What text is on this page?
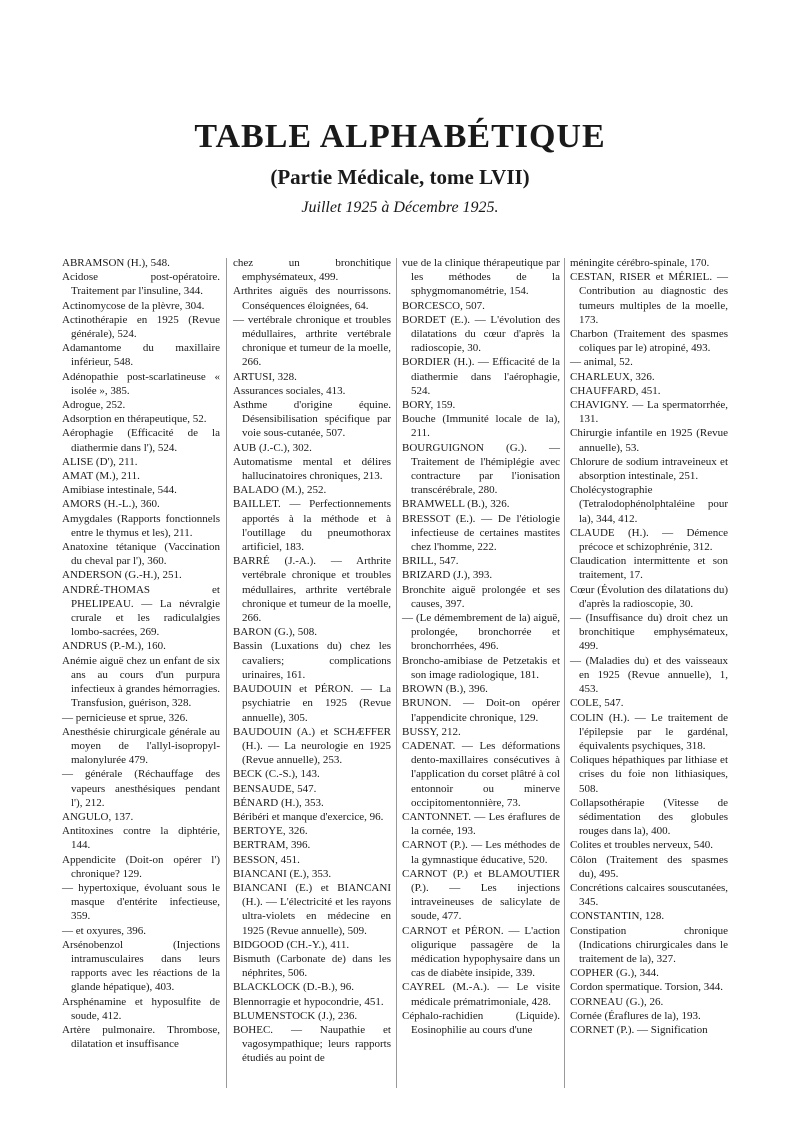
TABLE ALPHABÉTIQUE
(Partie Médicale, tome LVII)
Juillet 1925 à Décembre 1925.

ABRAMSON (H.), 548.

Acidose post-opératoire. Traitement par l'insuline, 344.

Actinomycose de la plèvre, 304.

Actinothérapie en 1925 (Revue générale), 524.

Adamantome du maxillaire inférieur, 548.

Adénopathie post-scarlatineuse « isolée », 385.

Adrogue, 252.

Adsorption en thérapeutique, 52.

Aérophagie (Efficacité de la diathermie dans l'), 524.

ALISE (D'), 211.

AMAT (M.), 211.

Amibiase intestinale, 544.

AMORS (H.-L.), 360.

Amygdales (Rapports fonctionnels entre le thymus et les), 211.

Anatoxine tétanique (Vaccination du cheval par l'), 360.

ANDERSON (G.-H.), 251.

ANDRÉ-THOMAS et PHELIPEAU. — La névralgie crurale et les radiculalgies lombo-sacrées, 269.

ANDRUS (P.-M.), 160.

Anémie aiguë chez un enfant de six ans au cours d'un purpura infectieux à grandes hémorragies. Transfusion, guérison, 328.

— pernicieuse et sprue, 326.

Anesthésie chirurgicale générale au moyen de l'allyl-isopropyl-malonylurée 479.

— générale (Réchauffage des vapeurs anesthésiques pendant l'), 212.

ANGULO, 137.

Antitoxines contre la diphtérie, 144.

Appendicite (Doit-on opérer l') chronique? 129.

— hypertoxique, évoluant sous le masque d'entérite infectieuse, 359.

— et oxyures, 396.

Arsénobenzol (Injections intramusculaires dans leurs rapports avec les réactions de la glande hépatique), 403.

Arsphénamine et hyposulfite de soude, 412.

Artère pulmonaire. Thrombose, dilatation et insuffisance

chez un bronchitique emphysémateux, 499.

Arthrites aiguës des nourrissons. Conséquences éloignées, 64.

— vertébrale chronique et troubles médullaires, arthrite vertébrale chronique et tumeur de la moelle, 266.

ARTUSI, 328.

Assurances sociales, 413.

Asthme d'origine équine. Désensibilisation spécifique par voie sous-cutanée, 507.

AUB (J.-C.), 302.

Automatisme mental et délires hallucinatoires chroniques, 213.

BALADO (M.), 252.

BAILLET. — Perfectionnements apportés à la méthode et à l'outillage du pneumothorax artificiel, 183.

BARRÉ (J.-A.). — Arthrite vertébrale chronique et troubles médullaires, arthrite vertébrale chronique et tumeur de la moelle, 266.

BARON (G.), 508.

Bassin (Luxations du) chez les cavaliers; complications urinaires, 161.

BAUDOUIN et PÉRON. — La psychiatrie en 1925 (Revue annuelle), 305.

BAUDOUIN (A.) et SCHÆFFER (H.). — La neurologie en 1925 (Revue annuelle), 253.

BECK (C.-S.), 143.

BENSAUDE, 547.

BÉNARD (H.), 353.

Béribéri et manque d'exercice, 96.

BERTOYE, 326.

BERTRAM, 396.

BESSON, 451.

BIANCANI (E.), 353.

BIANCANI (E.) et BIANCANI (H.). — L'électricité et les rayons ultra-violets en médecine en 1925 (Revue annuelle), 509.

BIDGOOD (CH.-Y.), 411.

Bismuth (Carbonate de) dans les néphrites, 506.

BLACKLOCK (D.-B.), 96.

Blennorragie et hypocondrie, 451.

BLUMENSTOCK (J.), 236.

BOHEC. — Naupathie et vagosympathique; leurs rapports étudiés au point de

vue de la clinique thérapeutique par les méthodes de la sphygmomanométrie, 154.

BORCESCO, 507.

BORDET (E.). — L'évolution des dilatations du cœur d'après la radioscopie, 30.

BORDIER (H.). — Efficacité de la diathermie dans l'aérophagie, 524.

BORY, 159.

Bouche (Immunité locale de la), 211.

BOURGUIGNON (G.). — Traitement de l'hémiplégie avec contracture par l'ionisation transcérébrale, 280.

BRAMWELL (B.), 326.

BRESSOT (E.). — De l'étiologie infectieuse de certaines mastites chez l'homme, 222.

BRILL, 547.

BRIZARD (J.), 393.

Bronchite aiguë prolongée et ses causes, 397.

— (Le démembrement de la) aiguë, prolongée, bronchorrée et bronchorrhées, 496.

Broncho-amibiase de Petzetakis et son image radiologique, 181.

BROWN (B.), 396.

BRUNON. — Doit-on opérer l'appendicite chronique, 129.

BUSSY, 212.

CADENAT. — Les déformations dento-maxillaires consécutives à l'application du corset plâtré à col entonnoir ou minerve occipitomentonnière, 73.

CANTONNET. — Les éraflures de la cornée, 193.

CARNOT (P.). — Les méthodes de la gymnastique éducative, 520.

CARNOT (P.) et BLAMOUTIER (P.). — Les injections intraveineuses de salicylate de soude, 477.

CARNOT et PÉRON. — L'action oligurique passagère de la médication hypophysaire dans un cas de diabète insipide, 339.

CAYREL (M.-A.). — Le visite médicale prématrimoniale, 428.

Céphalo-rachidien (Liquide). Eosinophilie au cours d'une

méningite cérébro-spinale, 170.

CESTAN, RISER et MÉRIEL. — Contribution au diagnostic des tumeurs multiples de la moelle, 173.

Charbon (Traitement des spasmes coliques par le) atropiné, 493.

— animal, 52.

CHARLEUX, 326.

CHAUFFARD, 451.

CHAVIGNY. — La spermatorrhée, 131.

Chirurgie infantile en 1925 (Revue annuelle), 53.

Chlorure de sodium intraveineux et absorption intestinale, 251.

Cholécystographie (Tetralodophénolphtaléine pour la), 344, 412.

CLAUDE (H.). — Démence précoce et schizophrénie, 312.

Claudication intermittente et son traitement, 17.

Cœur (Évolution des dilatations du) d'après la radioscopie, 30.

— (Insuffisance du) droit chez un bronchitique emphysémateux, 499.

— (Maladies du) et des vaisseaux en 1925 (Revue annuelle), 1, 453.

COLE, 547.

COLIN (H.). — Le traitement de l'épilepsie par le gardénal, équivalents psychiques, 318.

Coliques hépathiques par lithiase et crises du foie non lithiasiques, 508.

Collapsothérapie (Vitesse de sédimentation des globules rouges dans la), 400.

Colites et troubles nerveux, 540.

Côlon (Traitement des spasmes du), 495.

Concrétions calcaires souscutanées, 345.

CONSTANTIN, 128.

Constipation chronique (Indications chirurgicales dans le traitement de la), 327.

COPHER (G.), 344.

Cordon spermatique. Torsion, 344.

CORNEAU (G.), 26.

Cornée (Éraflures de la), 193.

CORNET (P.). — Signification
